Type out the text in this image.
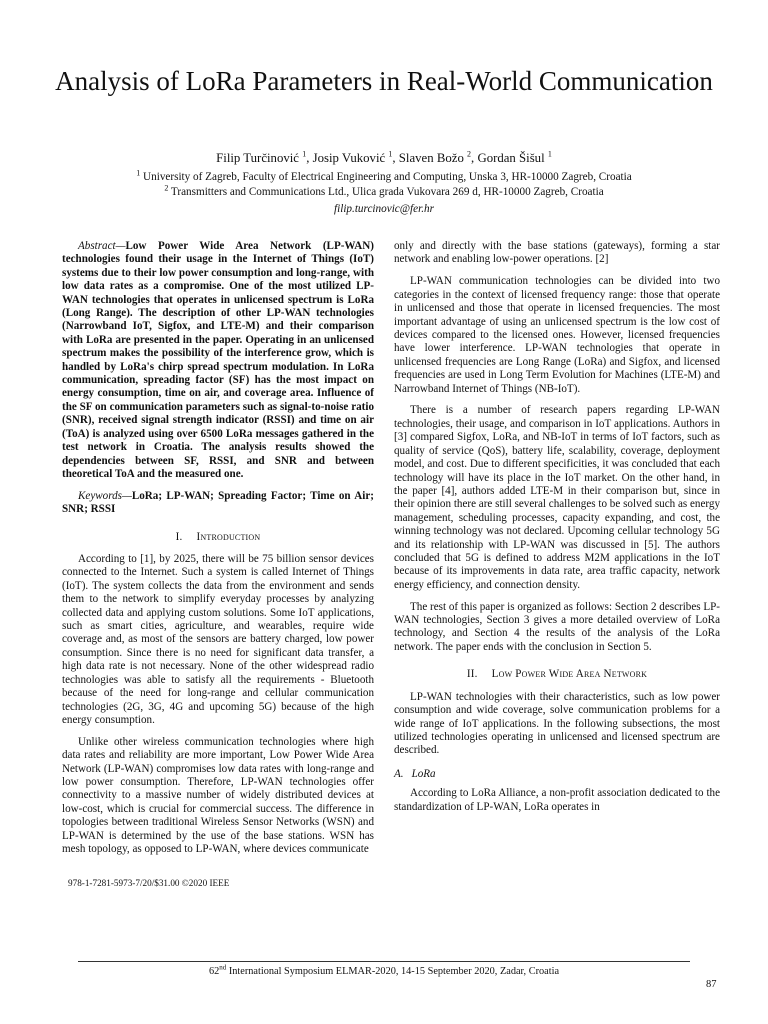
Analysis of LoRa Parameters in Real-World Communication
Filip Turčinović $^1$, Josip Vuković $^1$, Slaven Božo $^2$, Gordan Šišul $^1$
$^1$ University of Zagreb, Faculty of Electrical Engineering and Computing, Unska 3, HR-10000 Zagreb, Croatia
$^2$ Transmitters and Communications Ltd., Ulica grada Vukovara 269 d, HR-10000 Zagreb, Croatia
filip.turcinovic@fer.hr

Abstract—Low Power Wide Area Network (LP-WAN) technologies found their usage in the Internet of Things (IoT) systems due to their low power consumption and long-range, with low data rates as a compromise. One of the most utilized LP-WAN technologies that operates in unlicensed spectrum is LoRa (Long Range). The description of other LP-WAN technologies (Narrowband IoT, Sigfox, and LTE-M) and their comparison with LoRa are presented in the paper. Operating in an unlicensed spectrum makes the possibility of the interference grow, which is handled by LoRa's chirp spread spectrum modulation. In LoRa communication, spreading factor (SF) has the most impact on energy consumption, time on air, and coverage area. Influence of the SF on communication parameters such as signal-to-noise ratio (SNR), received signal strength indicator (RSSI) and time on air (ToA) is analyzed using over 6500 LoRa messages gathered in the test network in Croatia. The analysis results showed the dependencies between SF, RSSI, and SNR and between theoretical ToA and the measured one.

Keywords—LoRa; LP-WAN; Spreading Factor; Time on Air; SNR; RSSI

I. Introduction

According to [1], by 2025, there will be 75 billion sensor devices connected to the Internet. Such a system is called Internet of Things (IoT). The system collects the data from the environment and sends them to the network to simplify everyday processes by analyzing collected data and applying custom solutions. Some IoT applications, such as smart cities, agriculture, and wearables, require wide coverage and, as most of the sensors are battery charged, low power consumption. Since there is no need for significant data transfer, a high data rate is not necessary. None of the other widespread radio technologies was able to satisfy all the requirements - Bluetooth because of the need for long-range and cellular communication technologies (2G, 3G, 4G and upcoming 5G) because of the high energy consumption.

Unlike other wireless communication technologies where high data rates and reliability are more important, Low Power Wide Area Network (LP-WAN) compromises low data rates with long-range and low power consumption. Therefore, LP-WAN technologies offer connectivity to a massive number of widely distributed devices at low-cost, which is crucial for commercial success. The difference in topologies between traditional Wireless Sensor Networks (WSN) and LP-WAN is determined by the use of the base stations. WSN has mesh topology, as opposed to LP-WAN, where devices communicate

only and directly with the base stations (gateways), forming a star network and enabling low-power operations. [2]

LP-WAN communication technologies can be divided into two categories in the context of licensed frequency range: those that operate in unlicensed and those that operate in licensed frequencies. The most important advantage of using an unlicensed spectrum is the low cost of devices compared to the licensed ones. However, licensed frequencies have lower interference. LP-WAN technologies that operate in unlicensed frequencies are Long Range (LoRa) and Sigfox, and licensed frequencies are used in Long Term Evolution for Machines (LTE-M) and Narrowband Internet of Things (NB-IoT).

There is a number of research papers regarding LP-WAN technologies, their usage, and comparison in IoT applications. Authors in [3] compared Sigfox, LoRa, and NB-IoT in terms of IoT factors, such as quality of service (QoS), battery life, scalability, coverage, deployment model, and cost. Due to different specificities, it was concluded that each technology will have its place in the IoT market. On the other hand, in the paper [4], authors added LTE-M in their comparison but, since in their opinion there are still several challenges to be solved such as energy management, scheduling processes, capacity expanding, and cost, the winning technology was not declared. Upcoming cellular technology 5G and its relationship with LP-WAN was discussed in [5]. The authors concluded that 5G is defined to address M2M applications in the IoT because of its improvements in data rate, area traffic capacity, network energy efficiency, and connection density.

The rest of this paper is organized as follows: Section 2 describes LP-WAN technologies, Section 3 gives a more detailed overview of LoRa technology, and Section 4 the results of the analysis of the LoRa network. The paper ends with the conclusion in Section 5.

II. Low Power Wide Area Network

LP-WAN technologies with their characteristics, such as low power consumption and wide coverage, solve communication problems for a wide range of IoT applications. In the following subsections, the most utilized technologies operating in unlicensed and licensed spectrum are described.

A. LoRa

According to LoRa Alliance, a non-profit association dedicated to the standardization of LP-WAN, LoRa operates in

978-1-7281-5973-7/20/$31.00 ©2020 IEEE
62nd International Symposium ELMAR-2020, 14-15 September 2020, Zadar, Croatia
87
